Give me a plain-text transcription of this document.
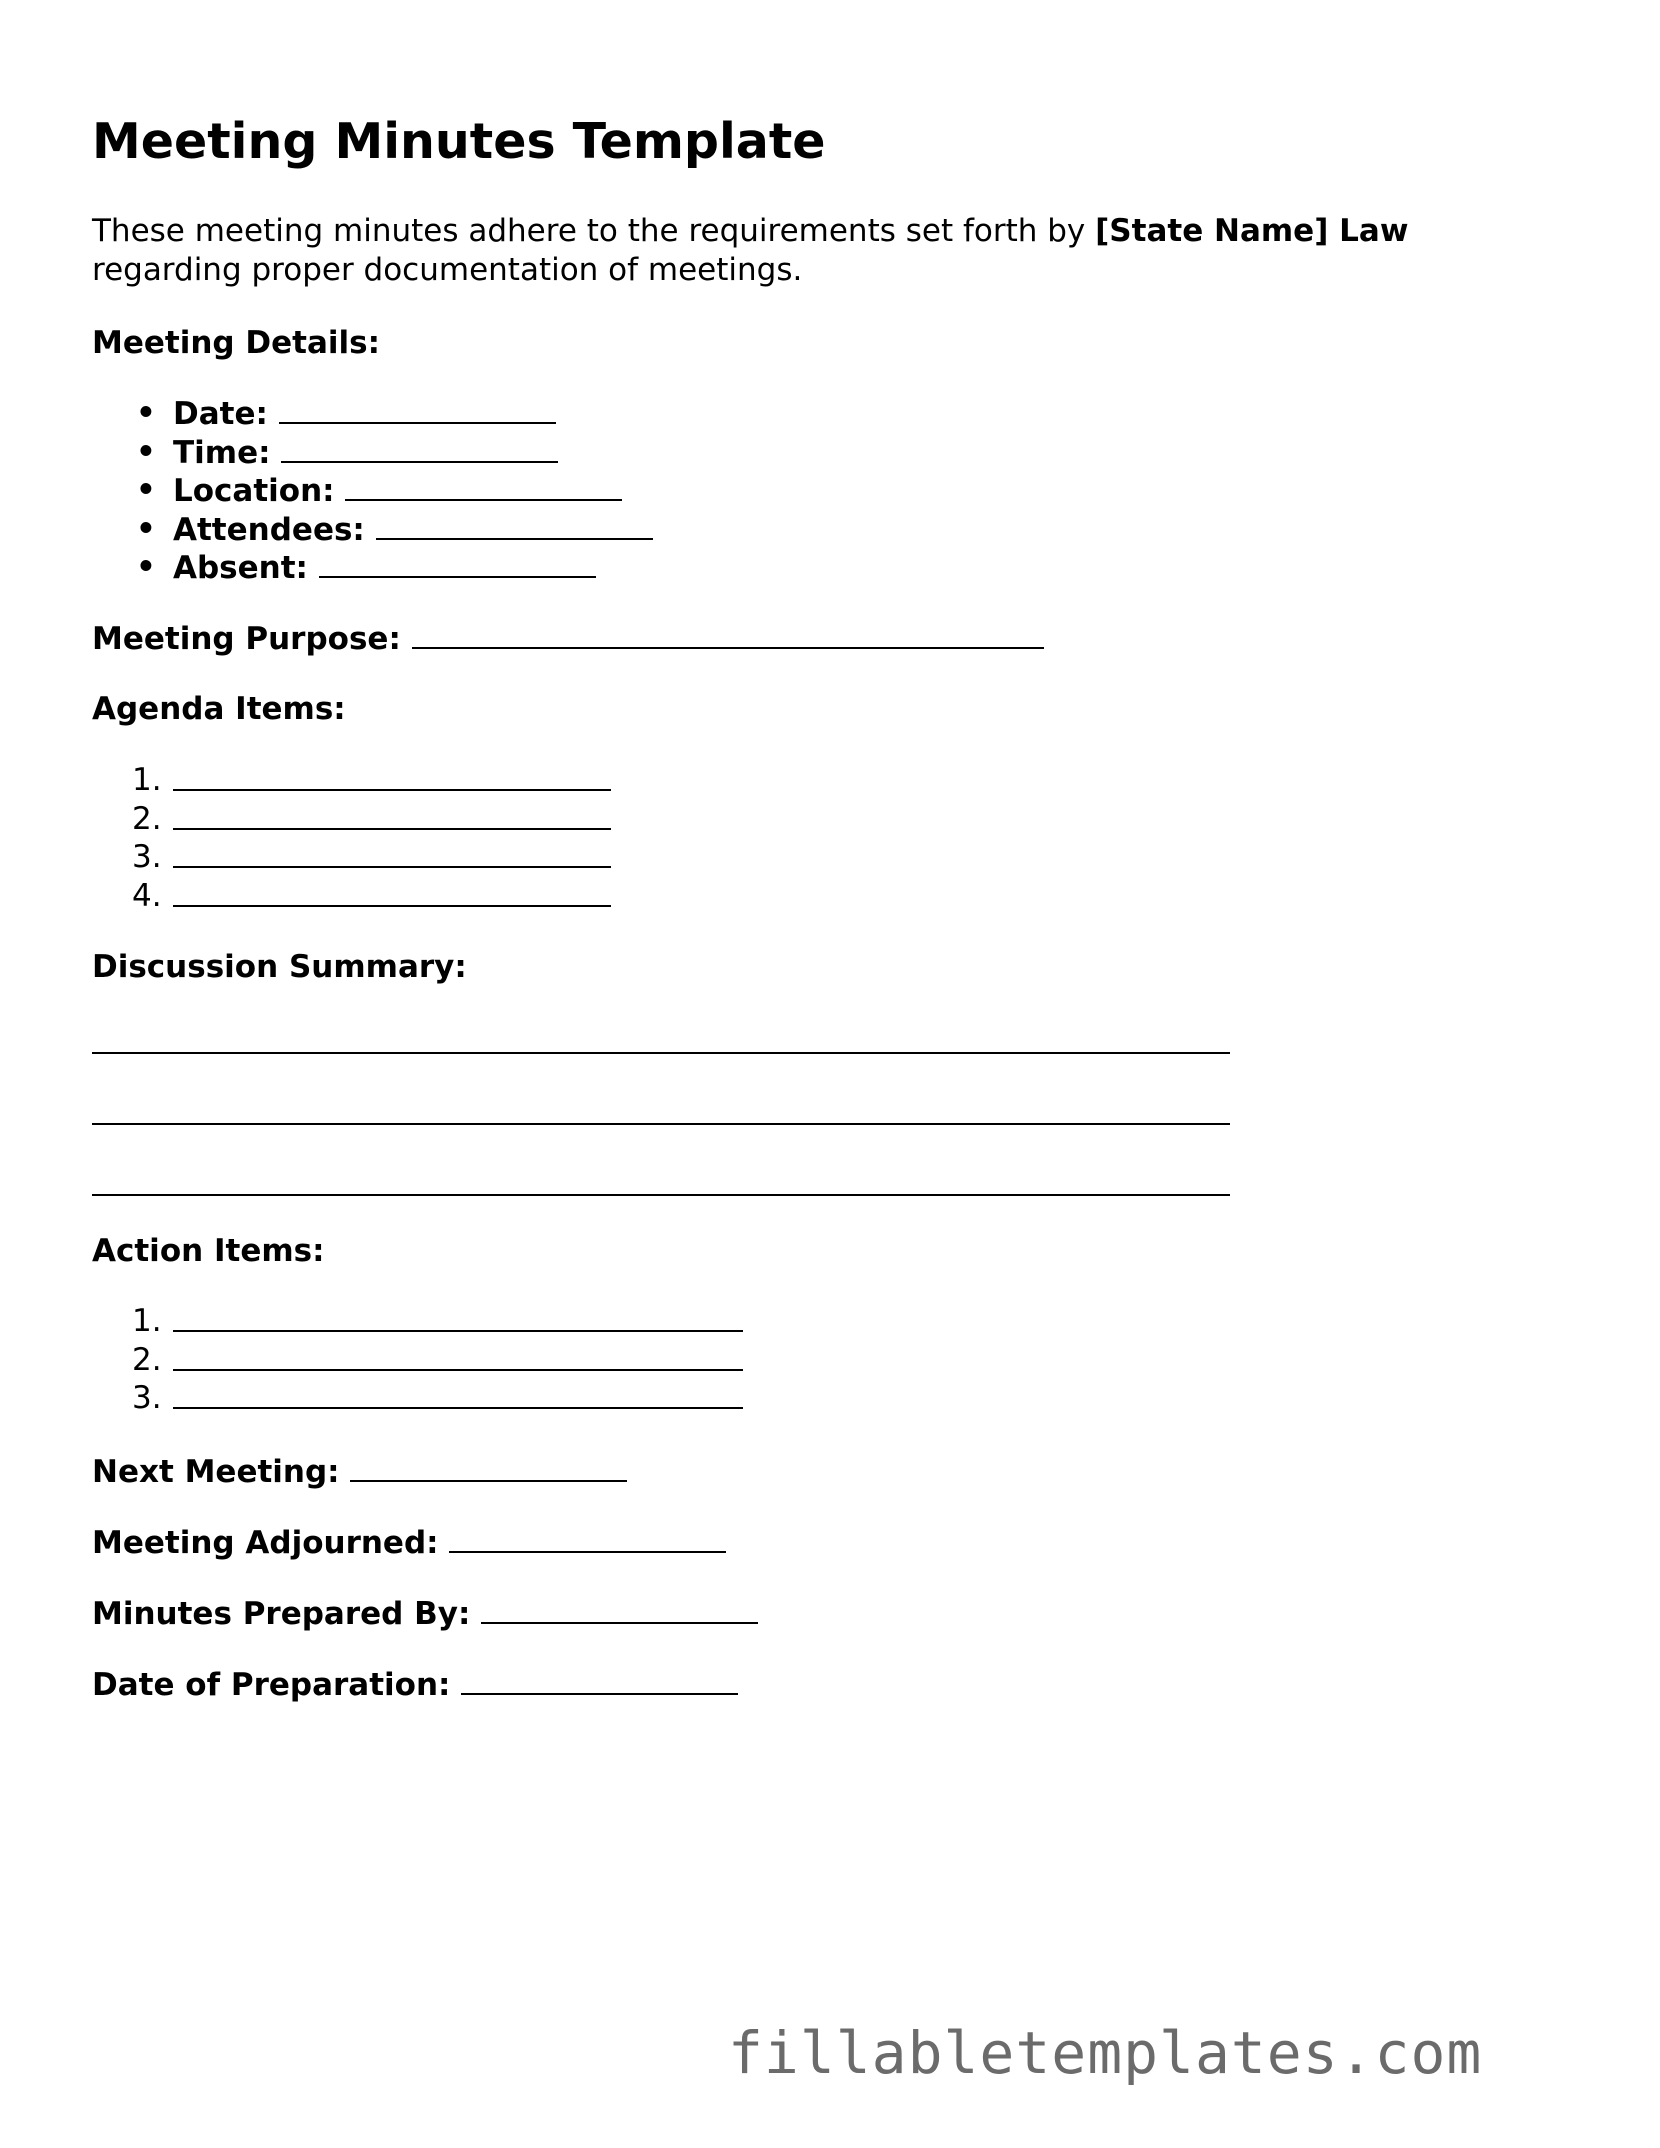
Meeting Minutes Template

These meeting minutes adhere to the requirements set forth by [State Name] Law regarding proper documentation of meetings.

Meeting Details:
• Date:
• Time:
• Location:
• Attendees:
• Absent:
Meeting Purpose:
Agenda Items:
1.
2.
3.
4.
Discussion Summary:
Action Items:
1.
2.
3.
Next Meeting:
Meeting Adjourned:
Minutes Prepared By:
Date of Preparation:
fillabletemplates.com
